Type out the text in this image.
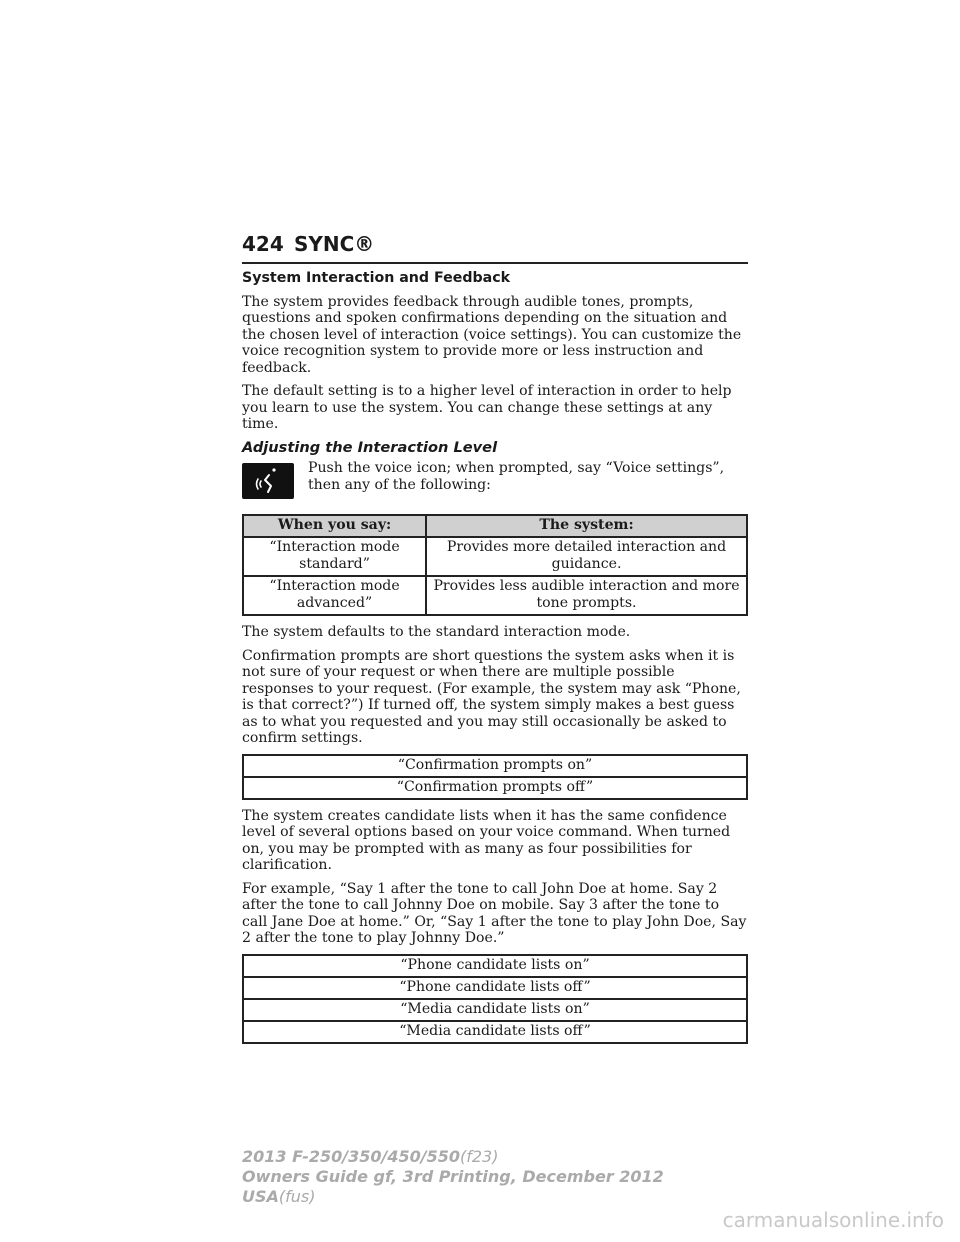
424 SYNC®

System Interaction and Feedback

The system provides feedback through audible tones, prompts, questions and spoken confirmations depending on the situation and the chosen level of interaction (voice settings). You can customize the voice recognition system to provide more or less instruction and feedback.

The default setting is to a higher level of interaction in order to help you learn to use the system. You can change these settings at any time.

Adjusting the Interaction Level

Push the voice icon; when prompted, say “Voice settings”, then any of the following:
When you say:	The system:
“Interaction mode standard”	Provides more detailed interaction and guidance.
“Interaction mode advanced”	Provides less audible interaction and more tone prompts.

The system defaults to the standard interaction mode.

Confirmation prompts are short questions the system asks when it is not sure of your request or when there are multiple possible responses to your request. (For example, the system may ask “Phone, is that correct?”) If turned off, the system simply makes a best guess as to what you requested and you may still occasionally be asked to confirm settings.

“Confirmation prompts on”
“Confirmation prompts off”

The system creates candidate lists when it has the same confidence level of several options based on your voice command. When turned on, you may be prompted with as many as four possibilities for clarification.

For example, “Say 1 after the tone to call John Doe at home. Say 2 after the tone to call Johnny Doe on mobile. Say 3 after the tone to call Jane Doe at home.” Or, “Say 1 after the tone to play John Doe, Say 2 after the tone to play Johnny Doe.”

“Phone candidate lists on”
“Phone candidate lists off”
“Media candidate lists on”
“Media candidate lists off”
2013 F-250/350/450/550(f23)
Owners Guide gf, 3rd Printing, December 2012
USA(fus)
carmanualsonline.info
